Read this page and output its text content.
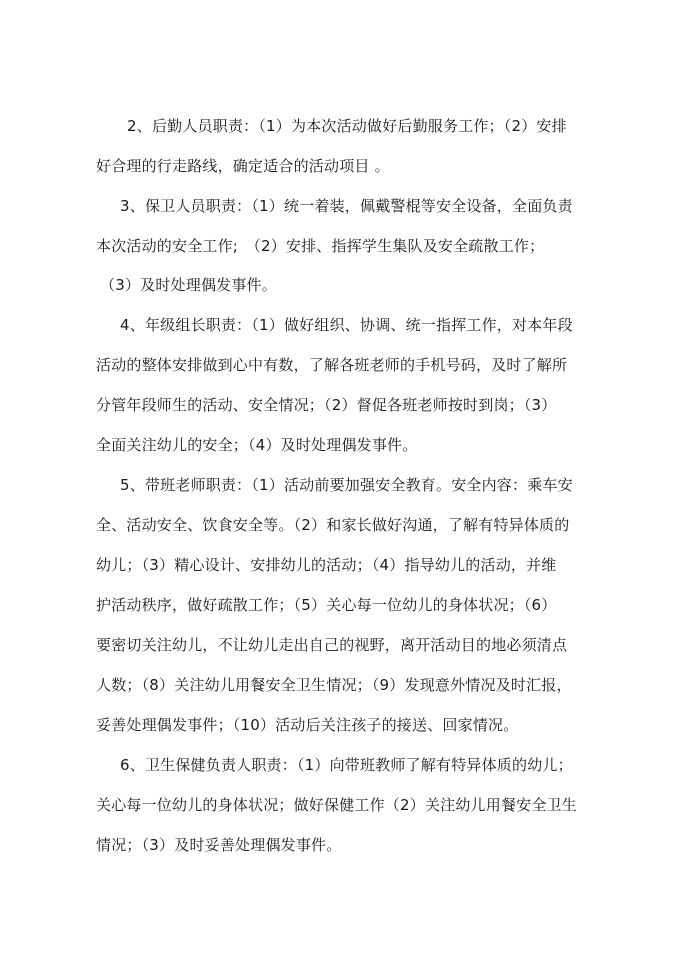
2、后勤人员职责：（1）为本次活动做好后勤服务工作；（2）安排
好合理的行走路线，确定适合的活动项目 。
3、保卫人员职责：（1）统一着装，佩戴警棍等安全设备，全面负责
本次活动的安全工作;　（2）安排、指挥学生集队及安全疏散工作；
（3）及时处理偶发事件。
4、年级组长职责：（1）做好组织、协调、统一指挥工作，对本年段
活动的整体安排做到心中有数，了解各班老师的手机号码，及时了解所
分管年段师生的活动、安全情况；（2）督促各班老师按时到岗；（3）
全面关注幼儿的安全；（4）及时处理偶发事件。
5、带班老师职责：（1）活动前要加强安全教育。安全内容：乘车安
全、活动安全、饮食安全等。（2）和家长做好沟通，了解有特异体质的
幼儿；（3）精心设计、安排幼儿的活动；（4）指导幼儿的活动，并维
护活动秩序，做好疏散工作；（5）关心每一位幼儿的身体状况；（6）
要密切关注幼儿，不让幼儿走出自己的视野，离开活动目的地必须清点
人数；（8）关注幼儿用餐安全卫生情况；（9）发现意外情况及时汇报，
妥善处理偶发事件；（10）活动后关注孩子的接送、回家情况。
6、卫生保健负责人职责：（1）向带班教师了解有特异体质的幼儿；
关心每一位幼儿的身体状况；做好保健工作（2）关注幼儿用餐安全卫生
情况；（3）及时妥善处理偶发事件。
